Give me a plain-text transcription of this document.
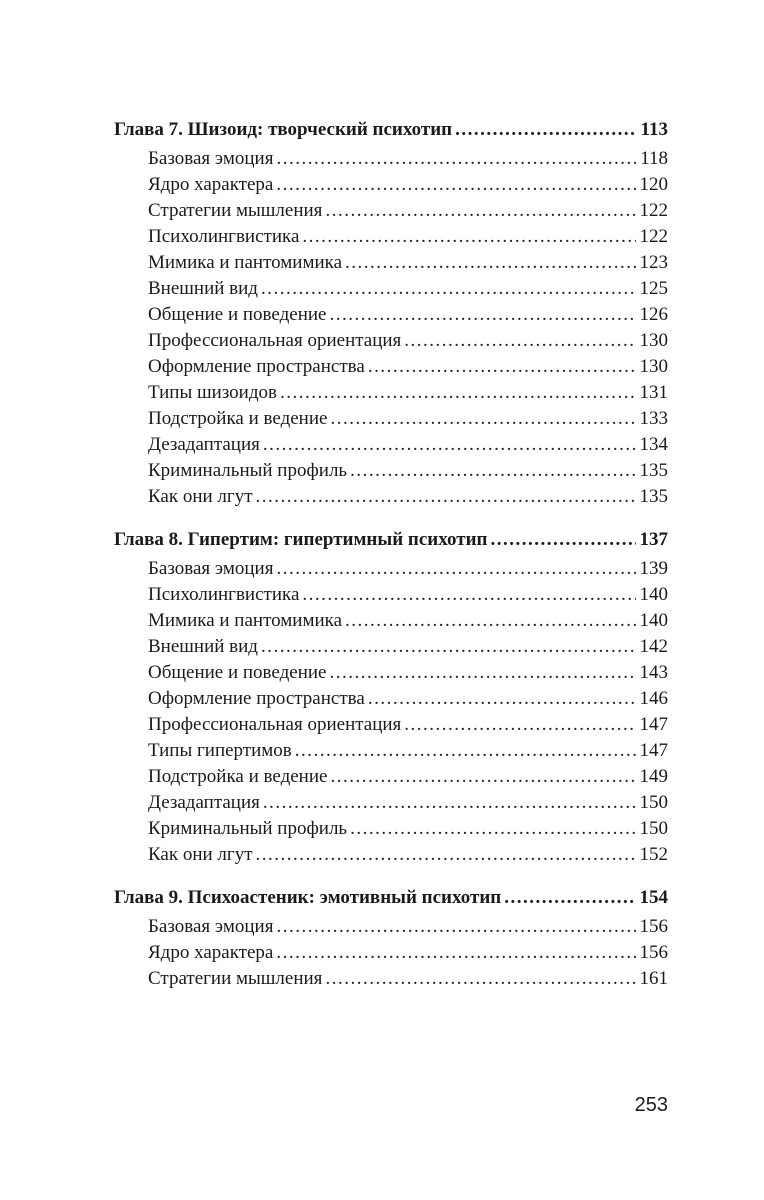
Глава 7. Шизоид: творческий психотип .....	113
Базовая эмоция .....	118
Ядро характера .....	120
Стратегии мышления .....	122
Психолингвистика .....	122
Мимика и пантомимика .....	123
Внешний вид .....	125
Общение и поведение .....	126
Профессиональная ориентация .....	130
Оформление пространства .....	130
Типы шизоидов .....	131
Подстройка и ведение .....	133
Дезадаптация .....	134
Криминальный профиль .....	135
Как они лгут .....	135
Глава 8. Гипертим: гипертимный психотип .....	137
Базовая эмоция .....	139
Психолингвистика .....	140
Мимика и пантомимика .....	140
Внешний вид .....	142
Общение и поведение .....	143
Оформление пространства .....	146
Профессиональная ориентация .....	147
Типы гипертимов .....	147
Подстройка и ведение .....	149
Дезадаптация .....	150
Криминальный профиль .....	150
Как они лгут .....	152
Глава 9. Психоастеник: эмотивный психотип .....	154
Базовая эмоция .....	156
Ядро характера .....	156
Стратегии мышления .....	161
253
